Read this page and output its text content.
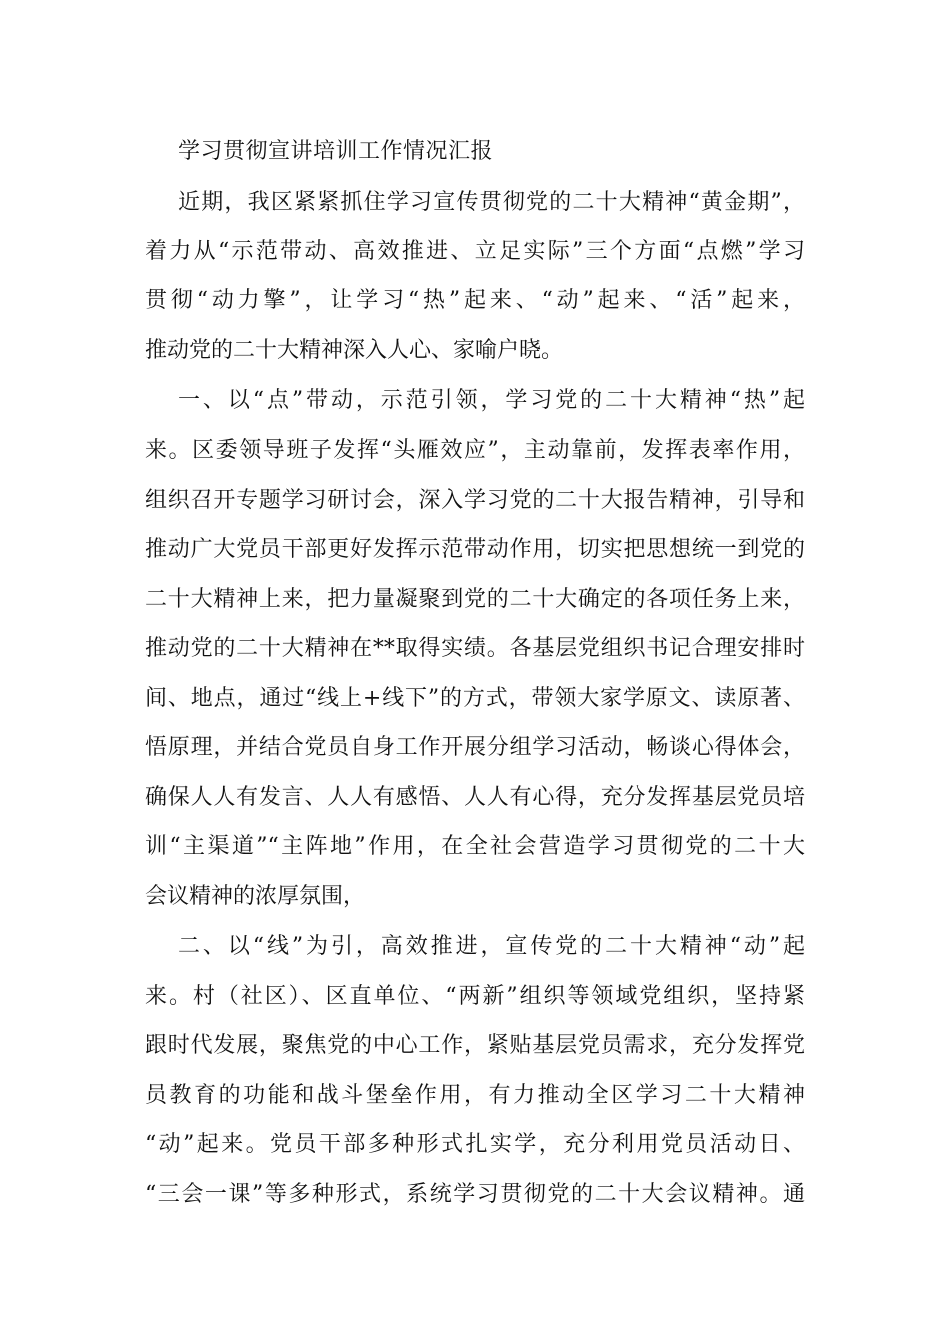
学习贯彻宣讲培训工作情况汇报
近期，我区紧紧抓住学习宣传贯彻党的二十大精神“黄金期”，
着力从“示范带动、高效推进、立足实际”三个方面“点燃”学习
贯彻“动力擎”，让学习“热”起来、“动”起来、“活”起来，
推动党的二十大精神深入人心、家喻户晓。
一、以“点”带动，示范引领，学习党的二十大精神“热”起
来。区委领导班子发挥“头雁效应”，主动靠前，发挥表率作用，
组织召开专题学习研讨会，深入学习党的二十大报告精神，引导和
推动广大党员干部更好发挥示范带动作用，切实把思想统一到党的
二十大精神上来，把力量凝聚到党的二十大确定的各项任务上来，
推动党的二十大精神在**取得实绩。各基层党组织书记合理安排时
间、地点，通过“线上+线下”的方式，带领大家学原文、读原著、
悟原理，并结合党员自身工作开展分组学习活动，畅谈心得体会，
确保人人有发言、人人有感悟、人人有心得，充分发挥基层党员培
训“主渠道”“主阵地”作用，在全社会营造学习贯彻党的二十大
会议精神的浓厚氛围，
二、以“线”为引，高效推进，宣传党的二十大精神“动”起
来。村（社区）、区直单位、“两新”组织等领域党组织，坚持紧
跟时代发展，聚焦党的中心工作，紧贴基层党员需求，充分发挥党
员教育的功能和战斗堡垒作用，有力推动全区学习二十大精神
“动”起来。党员干部多种形式扎实学，充分利用党员活动日、
“三会一课”等多种形式，系统学习贯彻党的二十大会议精神。通
